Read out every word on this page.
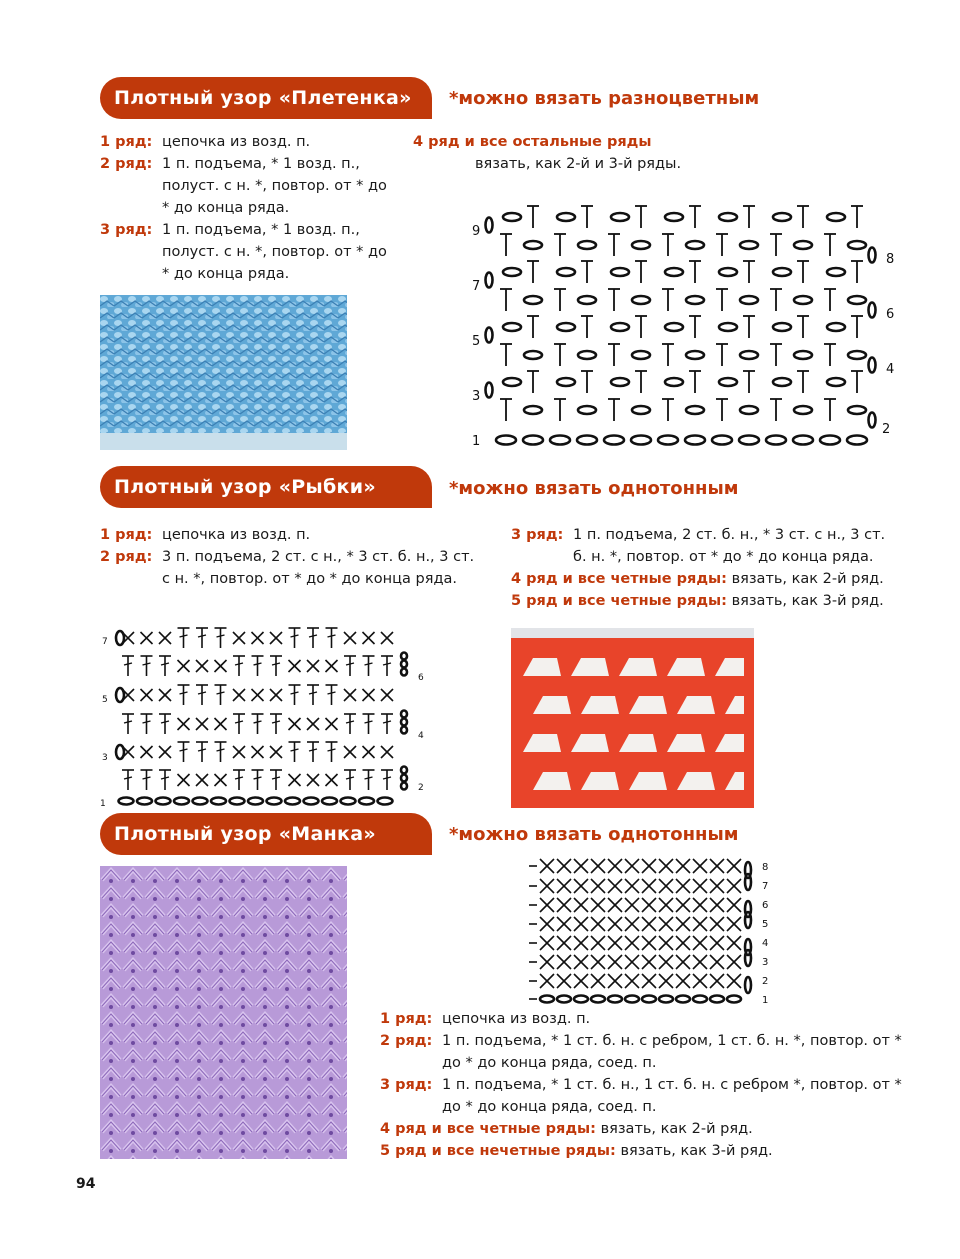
Плотный узор «Плетенка»	*можно вязать разноцветным
1 ряд: цепочка из возд. п.
2 ряд: 1 п. подъема, * 1 возд. п., полуст. с н. *, повтор. от * до * до конца ряда.
3 ряд: 1 п. подъема, * 1 возд. п., полуст. с н. *, повтор. от * до * до конца ряда.
4 ряд и все остальные ряды
вязать, как 2-й и 3-й ряды.
1
9
7
5
3
8
6
4
2
Плотный узор «Рыбки»	*можно вязать однотонным
1 ряд: цепочка из возд. п.
2 ряд: 3 п. подъема, 2 ст. с н., * 3 ст. б. н., 3 ст. с н. *, повтор. от * до * до конца ряда.
3 ряд: 1 п. подъема, 2 ст. б. н., * 3 ст. с н., 3 ст. б. н. *, повтор. от * до * до конца ряда.
4 ряд и все четные ряды: вязать, как 2-й ряд.
5 ряд и все четные ряды: вязать, как 3-й ряд.
1
7
5
3
6
4
2
Плотный узор «Манка»	*можно вязать однотонным
8
7
6
5
4
3
2
1
1 ряд: цепочка из возд. п.
2 ряд: 1 п. подъема, * 1 ст. б. н. с ребром, 1 ст. б. н. *, повтор. от * до * до конца ряда, соед. п.
3 ряд: 1 п. подъема, * 1 ст. б. н., 1 ст. б. н. с ребром *, повтор. от * до * до конца ряда, соед. п.
4 ряд и все четные ряды: вязать, как 2-й ряд.
5 ряд и все нечетные ряды: вязать, как 3-й ряд.
94
